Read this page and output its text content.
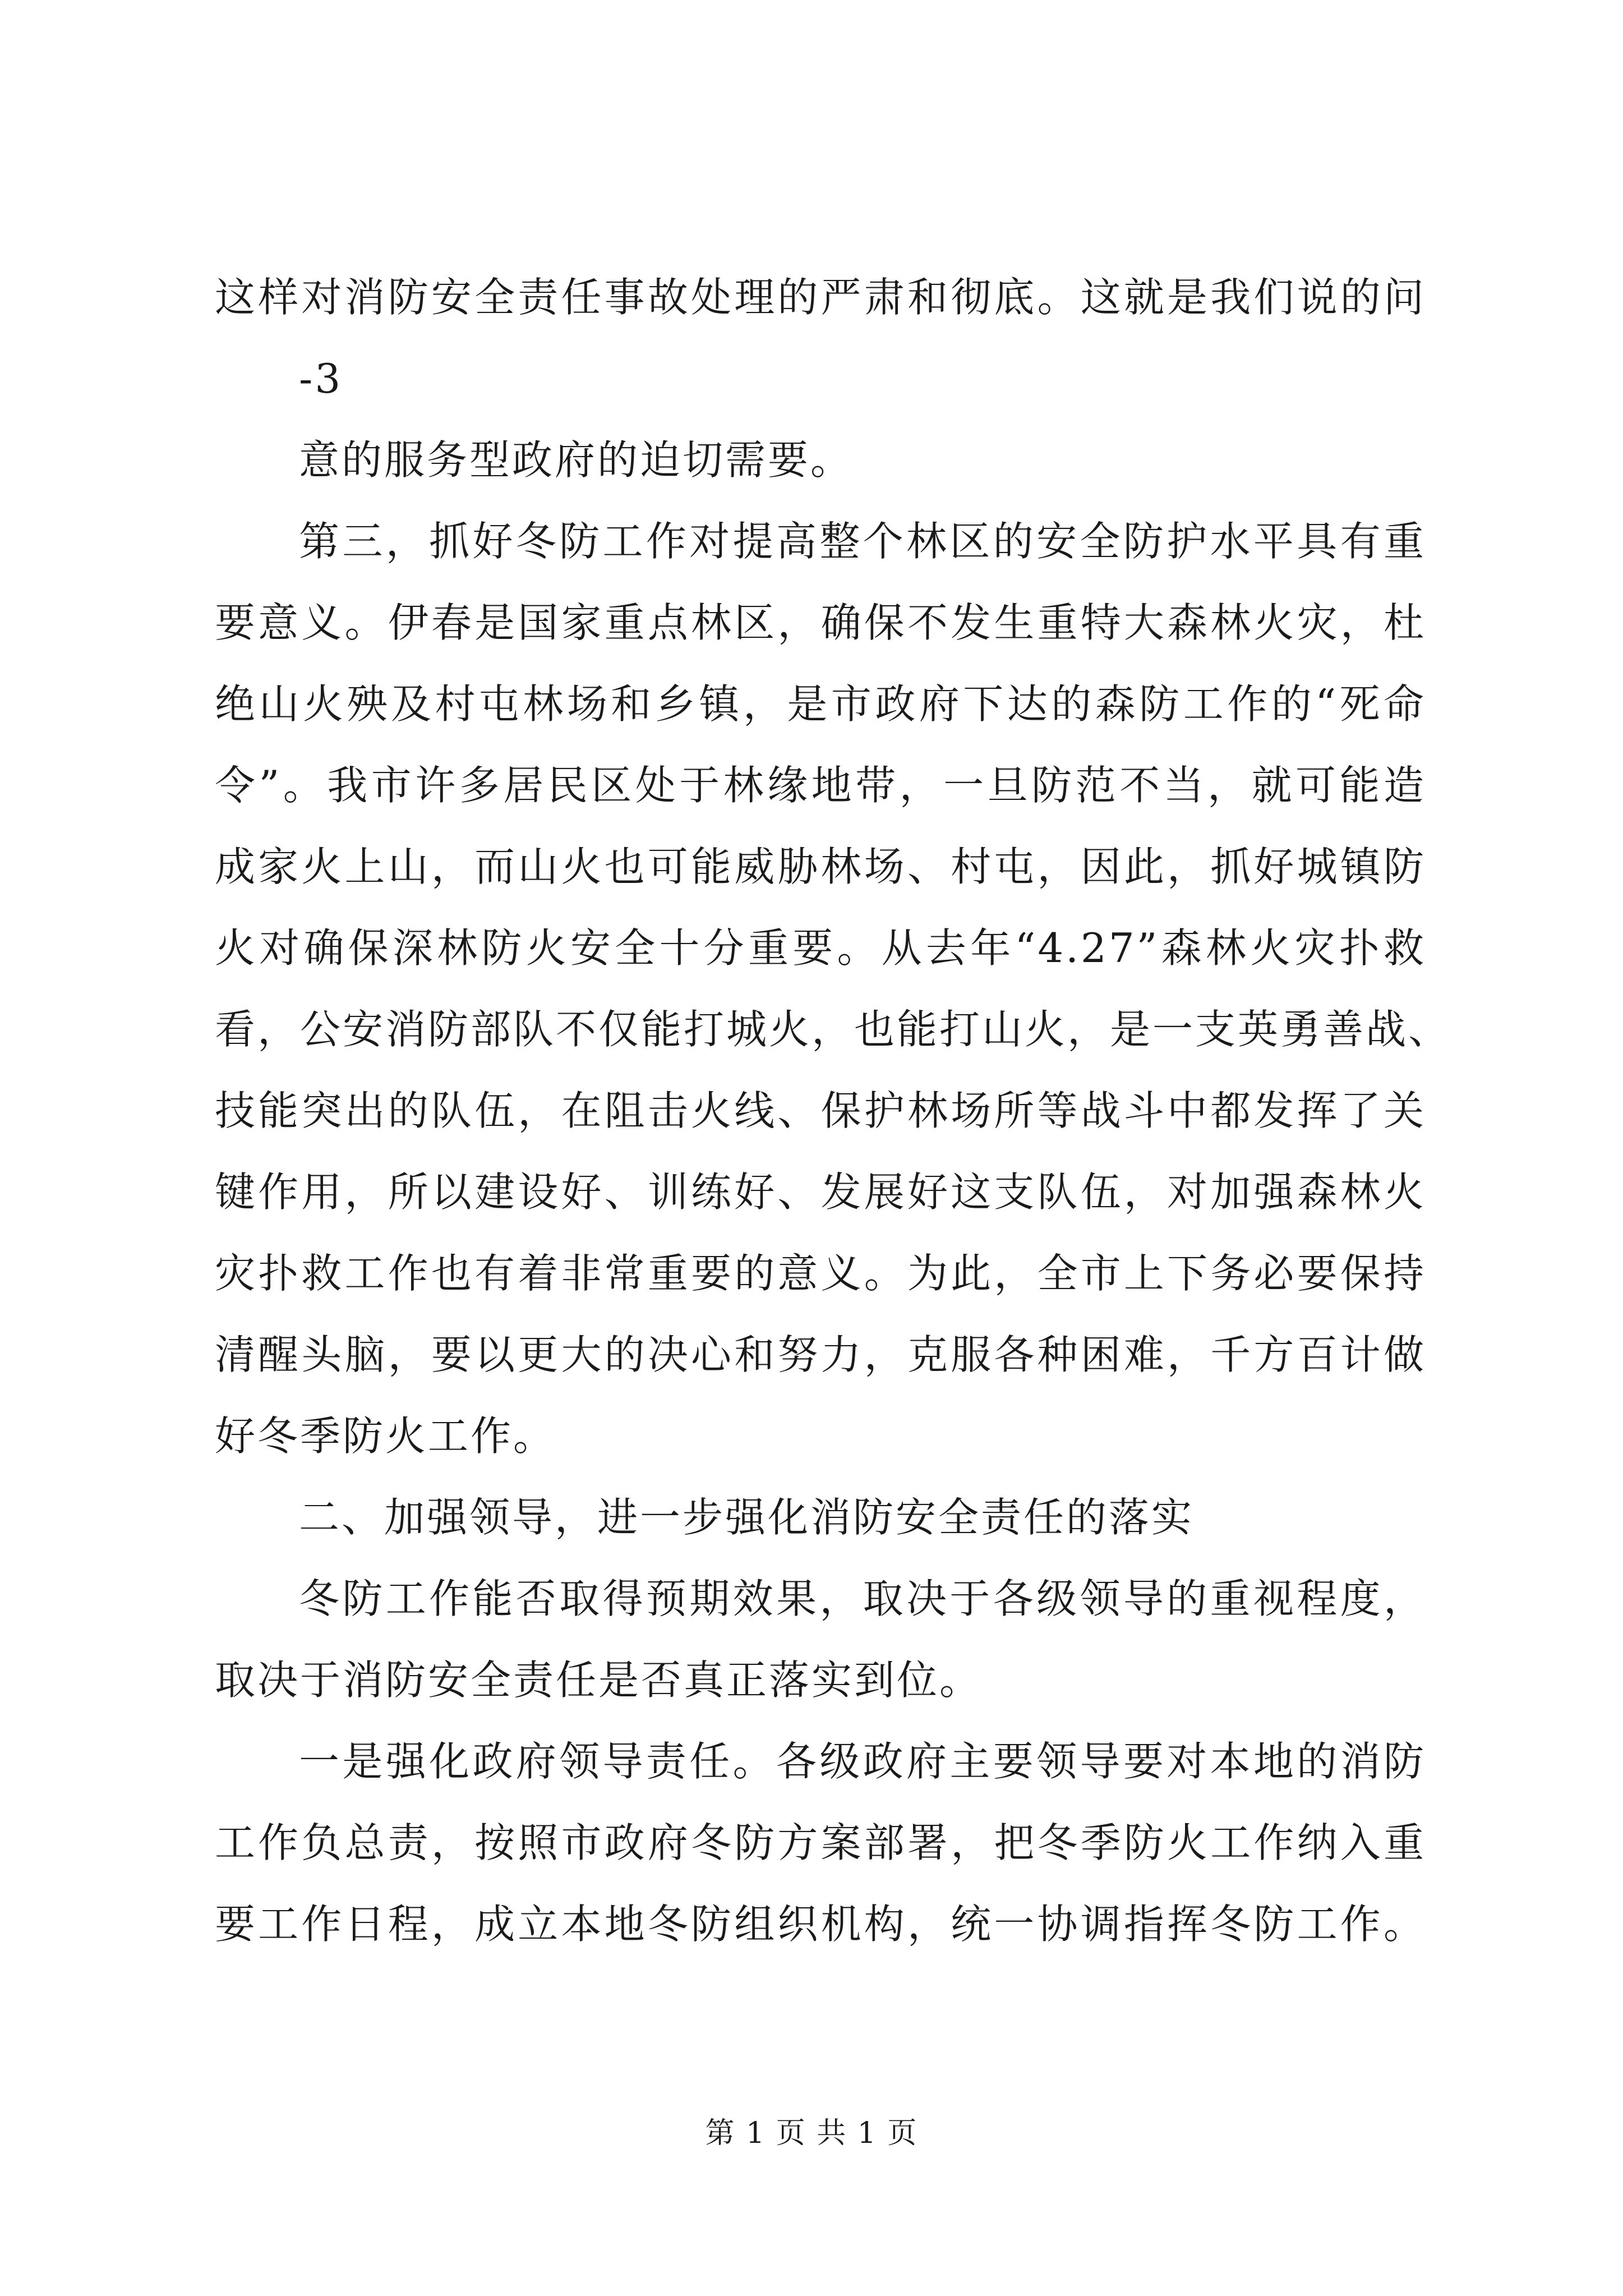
这样对消防安全责任事故处理的严肃和彻底。这就是我们说的问
-3
意的服务型政府的迫切需要。
第三，抓好冬防工作对提高整个林区的安全防护水平具有重
要意义。伊春是国家重点林区，确保不发生重特大森林火灾，杜
绝山火殃及村屯林场和乡镇，是市政府下达的森防工作的“死命
令”。我市许多居民区处于林缘地带，一旦防范不当，就可能造
成家火上山，而山火也可能威胁林场、村屯，因此，抓好城镇防
火对确保深林防火安全十分重要。从去年“4.27”森林火灾扑救
看，公安消防部队不仅能打城火，也能打山火，是一支英勇善战、
技能突出的队伍，在阻击火线、保护林场所等战斗中都发挥了关
键作用，所以建设好、训练好、发展好这支队伍，对加强森林火
灾扑救工作也有着非常重要的意义。为此，全市上下务必要保持
清醒头脑，要以更大的决心和努力，克服各种困难，千方百计做
好冬季防火工作。
二、加强领导，进一步强化消防安全责任的落实
冬防工作能否取得预期效果，取决于各级领导的重视程度，
取决于消防安全责任是否真正落实到位。
一是强化政府领导责任。各级政府主要领导要对本地的消防
工作负总责，按照市政府冬防方案部署，把冬季防火工作纳入重
要工作日程，成立本地冬防组织机构，统一协调指挥冬防工作。
第 1 页 共 1 页
